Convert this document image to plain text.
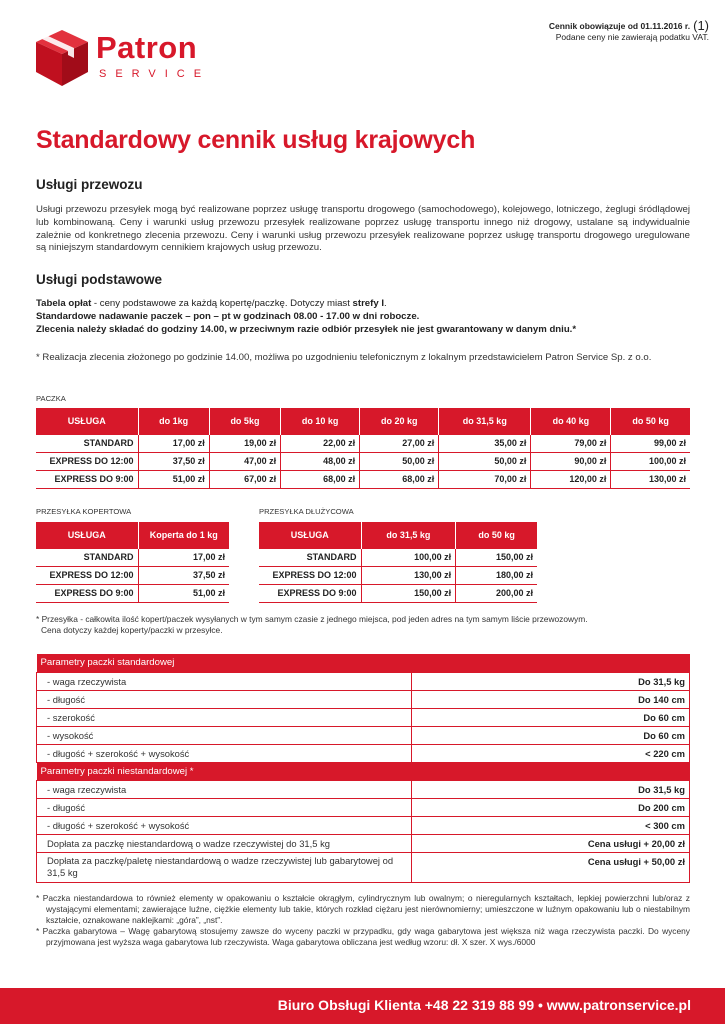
Cennik obowiązuje od 01.11.2016 r. (1)
Podane ceny nie zawierają podatku VAT.
Patron
SERVICE
Standardowy cennik usług krajowych
Usługi przewozu
Usługi przewozu przesyłek mogą być realizowane poprzez usługę transportu drogowego (samochodowego), kolejowego, lotniczego, żeglugi śródlądowej lub kombinowaną. Ceny i warunki usług przewozu przesyłek realizowane poprzez usługę transportu innego niż drogowy, ustalane są indywidualnie zależnie od konkretnego zlecenia przewozu. Ceny i warunki usług przewozu przesyłek realizowane poprzez usługę transportu drogowego uregulowane są niniejszym standardowym cennikiem krajowych usług przewozu.
Usługi podstawowe
Tabela opłat - ceny podstawowe za każdą kopertę/paczkę. Dotyczy miast strefy I.
Standardowe nadawanie paczek – pon – pt w godzinach 08.00 - 17.00 w dni robocze.
Zlecenia należy składać do godziny 14.00, w przeciwnym razie odbiór przesyłek nie jest gwarantowany w danym dniu.*
* Realizacja zlecenia złożonego po godzinie 14.00, możliwa po uzgodnieniu telefonicznym z lokalnym przedstawicielem Patron Service Sp. z o.o.
PACZKA
USŁUGA	do 1kg	do 5kg	do 10 kg	do 20 kg	do 31,5 kg	do 40 kg	do 50 kg
STANDARD	17,00 zł	19,00 zł	22,00 zł	27,00 zł	35,00 zł	79,00 zł	99,00 zł
EXPRESS DO 12:00	37,50 zł	47,00 zł	48,00 zł	50,00 zł	50,00 zł	90,00 zł	100,00 zł
EXPRESS DO 9:00	51,00 zł	67,00 zł	68,00 zł	68,00 zł	70,00 zł	120,00 zł	130,00 zł
PRZESYŁKA KOPERTOWA
USŁUGA	Koperta do 1 kg
STANDARD	17,00 zł
EXPRESS DO 12:00	37,50 zł
EXPRESS DO 9:00	51,00 zł
PRZESYŁKA DŁUŻYCOWA
USŁUGA	do 31,5 kg	do 50 kg
STANDARD	100,00 zł	150,00 zł
EXPRESS DO 12:00	130,00 zł	180,00 zł
EXPRESS DO 9:00	150,00 zł	200,00 zł
* Przesyłka - całkowita ilość kopert/paczek wysyłanych w tym samym czasie z jednego miejsca, pod jeden adres na tym samym liściе przewozowym.
Cena dotyczy każdej koperty/paczki w przesyłce.
Parametry paczki standardowej	
- waga rzeczywista	Do 31,5 kg
- długość	Do 140 cm
- szerokość	Do 60 cm
- wysokość	Do 60 cm
- długość + szerokość + wysokość	< 220 cm
Parametry paczki niestandardowej *	
- waga rzeczywista	Do 31,5 kg
- długość	Do 200 cm
- długość + szerokość + wysokość	< 300 cm
Dopłata za paczkę niestandardową o wadze rzeczywistej do 31,5 kg	Cena usługi + 20,00 zł
Dopłata za paczkę/paletę niestandardową o wadze rzeczywistej lub gabarytowej od 31,5 kg	Cena usługi + 50,00 zł

* Paczka niestandardowa to również elementy w opakowaniu o kształcie okrągłym, cylindrycznym lub owalnym; o nieregularnych kształtach, lepkiej powierzchni lub/oraz z wystającymi elementami; zawierające luźne, ciężkie elementy lub takie, których rozkład ciężaru jest nierównomierny; umieszczone w luźnym opakowaniu lub o niestabilnym kształcie, oznakowane naklejkami: „góra”, „nst”.

* Paczka gabarytowa – Wagę gabarytową stosujemy zawsze do wyceny paczki w przypadku, gdy waga gabarytowa jest większa niż waga rzeczywista paczki. Do wyceny przyjmowana jest wyższa waga gabarytowa lub rzeczywista. Waga gabarytowa obliczana jest według wzoru: dł. X szer. X wys./6000

Biuro Obsługi Klienta +48 22 319 88 99 • www.patronservice.pl
